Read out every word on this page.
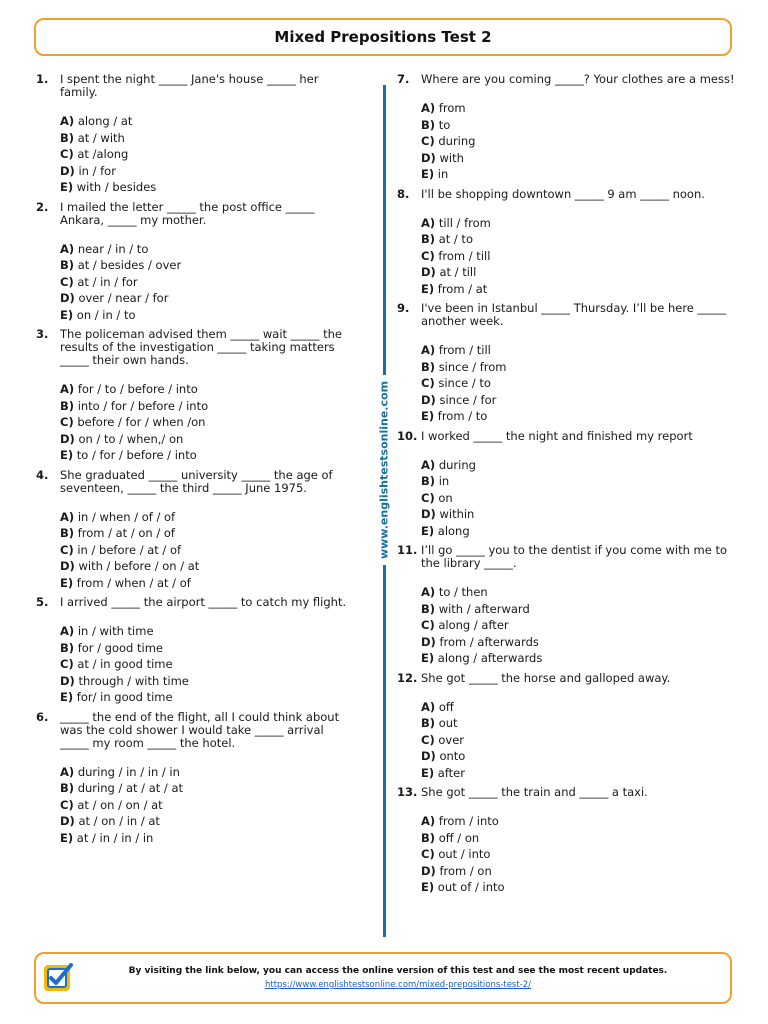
Mixed Prepositions Test 2
1. I spent the night _____ Jane's house _____ her family.
A) along / at
B) at / with
C) at /along
D) in / for
E) with / besides
2. I mailed the letter _____ the post office _____ Ankara, _____ my mother.
A) near / in / to
B) at / besides / over
C) at / in / for
D) over / near / for
E) on / in / to
3. The policeman advised them _____ wait _____ the results of the investigation _____ taking matters _____ their own hands.
A) for / to / before / into
B) into / for / before / into
C) before / for / when /on
D) on / to / when,/ on
E) to / for / before / into
4. She graduated _____ university _____ the age of seventeen, _____ the third _____ June 1975.
A) in / when / of / of
B) from / at / on / of
C) in / before / at / of
D) with / before / on / at
E) from / when / at / of
5. I arrived _____ the airport _____ to catch my flight.
A) in / with time
B) for / good time
C) at / in good time
D) through / with time
E) for/ in good time
6. _____ the end of the flight, all I could think about was the cold shower I would take _____ arrival _____ my room _____ the hotel.
A) during / in / in / in
B) during / at / at / at
C) at / on / on / at
D) at / on / in / at
E) at / in / in / in
7. Where are you coming _____? Your clothes are a mess!
A) from
B) to
C) during
D) with
E) in
8. I'll be shopping downtown _____ 9 am _____ noon.
A) till / from
B) at / to
C) from / till
D) at / till
E) from / at
9. I've been in Istanbul _____ Thursday. I’ll be here _____ another week.
A) from / till
B) since / from
C) since / to
D) since / for
E) from / to
10. I worked _____ the night and finished my report
A) during
B) in
C) on
D) within
E) along
11. I’ll go _____ you to the dentist if you come with me to the library _____.
A) to / then
B) with / afterward
C) along / after
D) from / afterwards
E) along / afterwards
12. She got _____ the horse and galloped away.
A) off
B) out
C) over
D) onto
E) after
13. She got _____ the train and _____ a taxi.
A) from / into
B) off / on
C) out / into
D) from / on
E) out of / into
www.englishtestsonline.com
By visiting the link below, you can access the online version of this test and see the most recent updates.
https://www.englishtestsonline.com/mixed-prepositions-test-2/
